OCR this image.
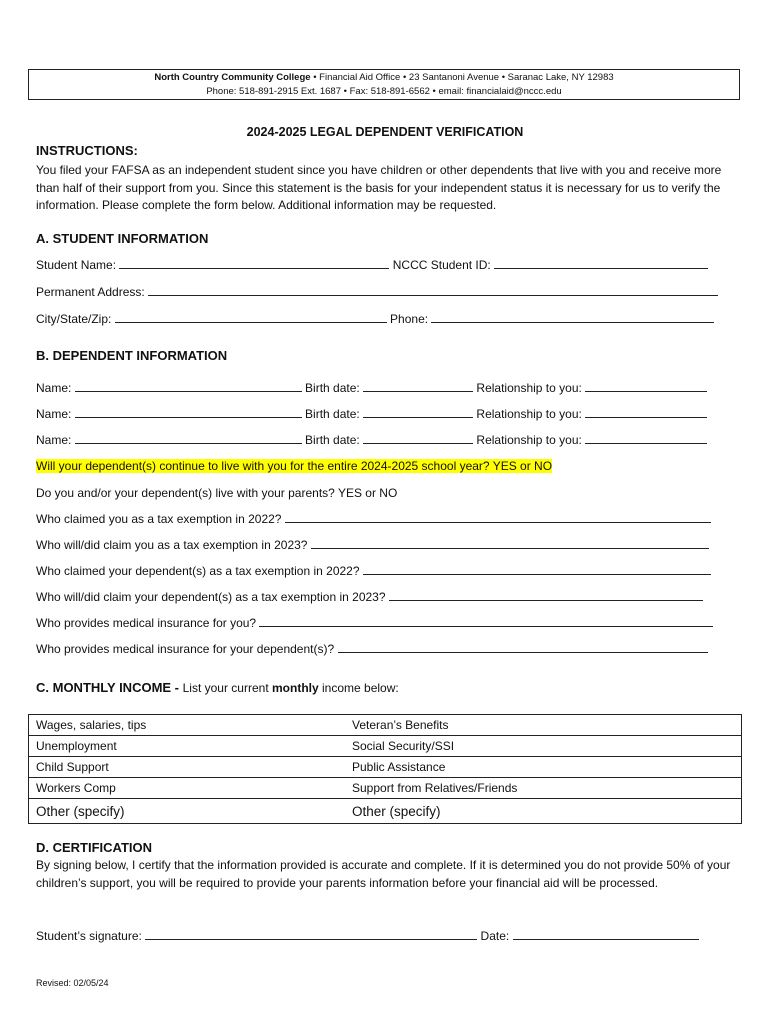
North Country Community College • Financial Aid Office • 23 Santanoni Avenue • Saranac Lake, NY 12983
Phone: 518-891-2915 Ext. 1687 • Fax: 518-891-6562 • email: financialaid@nccc.edu
2024-2025 LEGAL DEPENDENT VERIFICATION
INSTRUCTIONS:
You filed your FAFSA as an independent student since you have children or other dependents that live with you and receive more than half of their support from you. Since this statement is the basis for your independent status it is necessary for us to verify the information. Please complete the form below. Additional information may be requested.
A. STUDENT INFORMATION
Student Name:	NCCC Student ID:
Permanent Address:
City/State/Zip:	Phone:
B. DEPENDENT INFORMATION
Name:	Birth date:	Relationship to you:
Name:	Birth date:	Relationship to you:
Name:	Birth date:	Relationship to you:
Will your dependent(s) continue to live with you for the entire 2024-2025 school year? YES or NO
Do you and/or your dependent(s) live with your parents? YES or NO
Who claimed you as a tax exemption in 2022?
Who will/did claim you as a tax exemption in 2023?
Who claimed your dependent(s) as a tax exemption in 2022?
Who will/did claim your dependent(s) as a tax exemption in 2023?
Who provides medical insurance for you?
Who provides medical insurance for your dependent(s)?
C. MONTHLY INCOME - List your current monthly income below:
Wages, salaries, tips	Veteran’s Benefits
Unemployment	Social Security/SSI
Child Support	Public Assistance
Workers Comp	Support from Relatives/Friends
Other (specify)	Other (specify)
D. CERTIFICATION
By signing below, I certify that the information provided is accurate and complete. If it is determined you do not provide 50% of your children’s support, you will be required to provide your parents information before your financial aid will be processed.
Student’s signature:	Date:
Revised: 02/05/24
